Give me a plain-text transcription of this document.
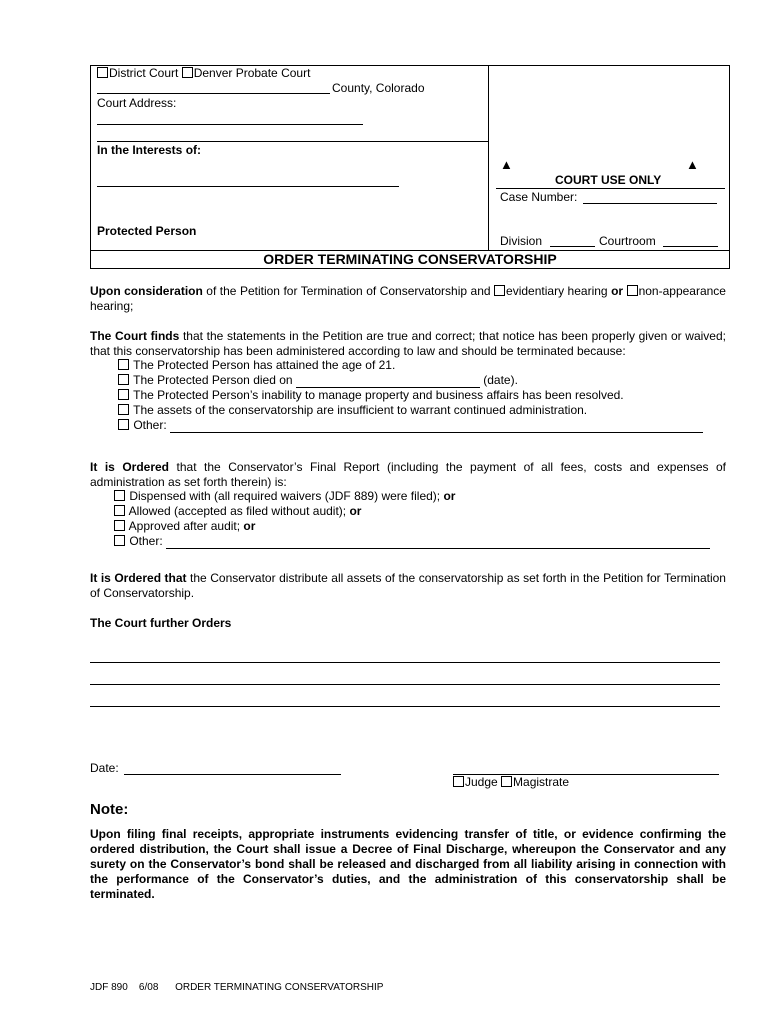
District Court Denver Probate Court
County, Colorado
Court Address:
In the Interests of:
Protected Person
▲	▲
COURT USE ONLY
Case Number:
Division	Courtroom
ORDER TERMINATING CONSERVATORSHIP
Upon consideration of the Petition for Termination of Conservatorship and evidentiary hearing or non-appearance hearing;
The Court finds that the statements in the Petition are true and correct; that notice has been properly given or waived; that this conservatorship has been administered according to law and should be terminated because:
The Protected Person has attained the age of 21.
The Protected Person died on	(date).
The Protected Person’s inability to manage property and business affairs has been resolved.
The assets of the conservatorship are insufficient to warrant continued administration.
Other:
It is Ordered that the Conservator’s Final Report (including the payment of all fees, costs and expenses of administration as set forth therein) is:
Dispensed with (all required waivers (JDF 889) were filed); or
Allowed (accepted as filed without audit); or
Approved after audit; or
Other:
It is Ordered that the Conservator distribute all assets of the conservatorship as set forth in the Petition for Termination of Conservatorship.
The Court further Orders
Date:
Judge Magistrate
Note:
Upon filing final receipts, appropriate instruments evidencing transfer of title, or evidence confirming the ordered distribution, the Court shall issue a Decree of Final Discharge, whereupon the Conservator and any surety on the Conservator’s bond shall be released and discharged from all liability arising in connection with the performance of the Conservator’s duties, and the administration of this conservatorship shall be terminated.
JDF 890 6/08 ORDER TERMINATING CONSERVATORSHIP
